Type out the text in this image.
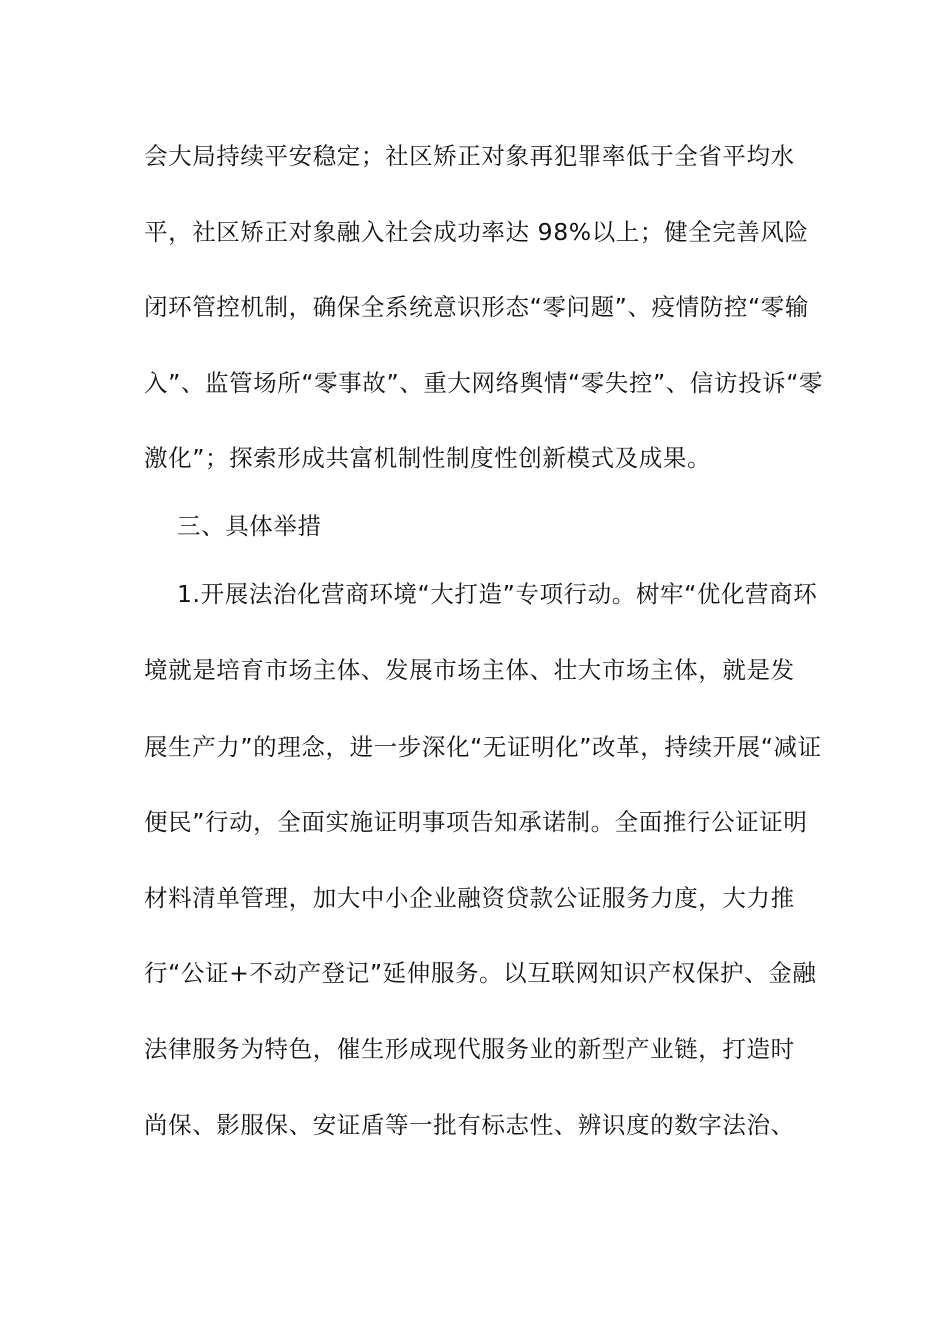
会大局持续平安稳定；社区矫正对象再犯罪率低于全省平均水
平，社区矫正对象融入社会成功率达 98%以上；健全完善风险
闭环管控机制，确保全系统意识形态“零问题”、疫情防控“零输
入”、监管场所“零事故”、重大网络舆情“零失控”、信访投诉“零
激化”；探索形成共富机制性制度性创新模式及成果。
三、具体举措
1.开展法治化营商环境“大打造”专项行动。树牢“优化营商环
境就是培育市场主体、发展市场主体、壮大市场主体，就是发
展生产力”的理念，进一步深化“无证明化”改革，持续开展“减证
便民”行动，全面实施证明事项告知承诺制。全面推行公证证明
材料清单管理，加大中小企业融资贷款公证服务力度，大力推
行“公证+不动产登记”延伸服务。以互联网知识产权保护、金融
法律服务为特色，催生形成现代服务业的新型产业链，打造时
尚保、影服保、安证盾等一批有标志性、辨识度的数字法治、
